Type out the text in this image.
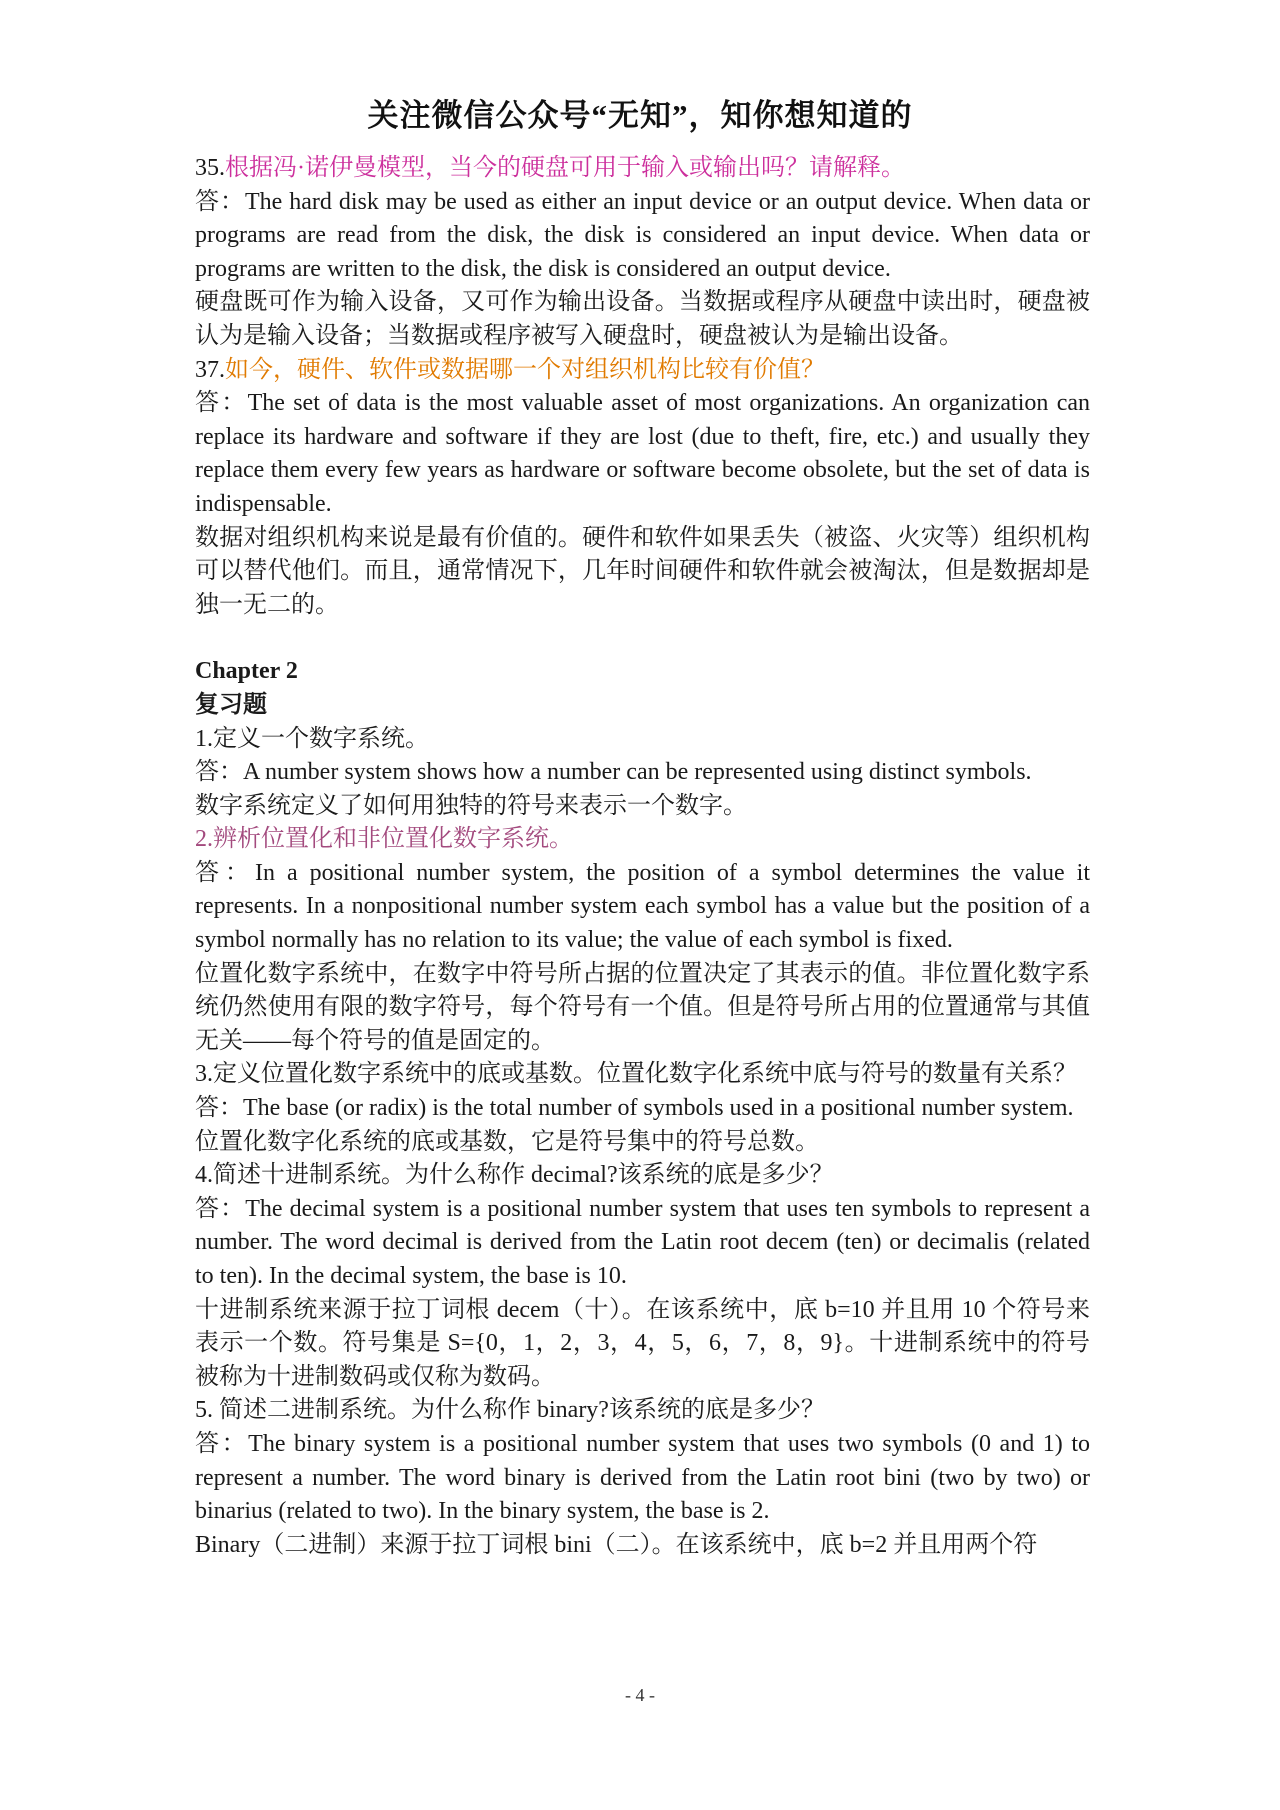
关注微信公众号“无知”，知你想知道的

35.根据冯·诺伊曼模型，当今的硬盘可用于输入或输出吗？请解释。

答：The hard disk may be used as either an input device or an output device. When data or programs are read from the disk, the disk is considered an input device. When data or programs are written to the disk, the disk is considered an output device.

硬盘既可作为输入设备，又可作为输出设备。当数据或程序从硬盘中读出时，硬盘被认为是输入设备；当数据或程序被写入硬盘时，硬盘被认为是输出设备。

37.如今，硬件、软件或数据哪一个对组织机构比较有价值？

答：The set of data is the most valuable asset of most organizations. An organization can replace its hardware and software if they are lost (due to theft, fire, etc.) and usually they replace them every few years as hardware or software become obsolete, but the set of data is indispensable.

数据对组织机构来说是最有价值的。硬件和软件如果丢失（被盗、火灾等）组织机构可以替代他们。而且，通常情况下，几年时间硬件和软件就会被淘汰，但是数据却是独一无二的。

Chapter 2

复习题

1.定义一个数字系统。

答：A number system shows how a number can be represented using distinct symbols.

数字系统定义了如何用独特的符号来表示一个数字。

2.辨析位置化和非位置化数字系统。

答：In a positional number system, the position of a symbol determines the value it represents. In a nonpositional number system each symbol has a value but the position of a symbol normally has no relation to its value; the value of each symbol is fixed.

位置化数字系统中，在数字中符号所占据的位置决定了其表示的值。非位置化数字系统仍然使用有限的数字符号，每个符号有一个值。但是符号所占用的位置通常与其值无关——每个符号的值是固定的。

3.定义位置化数字系统中的底或基数。位置化数字化系统中底与符号的数量有关系？

答：The base (or radix) is the total number of symbols used in a positional number system.

位置化数字化系统的底或基数，它是符号集中的符号总数。

4.简述十进制系统。为什么称作 decimal?该系统的底是多少？

答：The decimal system is a positional number system that uses ten symbols to represent a number. The word decimal is derived from the Latin root decem (ten) or decimalis (related to ten). In the decimal system, the base is 10.

十进制系统来源于拉丁词根 decem（十）。在该系统中，底 b=10 并且用 10 个符号来表示一个数。符号集是 S={0，1，2，3，4，5，6，7，8，9}。十进制系统中的符号被称为十进制数码或仅称为数码。

5. 简述二进制系统。为什么称作 binary?该系统的底是多少？

答：The binary system is a positional number system that uses two symbols (0 and 1) to represent a number. The word binary is derived from the Latin root bini (two by two) or binarius (related to two). In the binary system, the base is 2.

Binary（二进制）来源于拉丁词根 bini（二）。在该系统中，底 b=2 并且用两个符

- 4 -
